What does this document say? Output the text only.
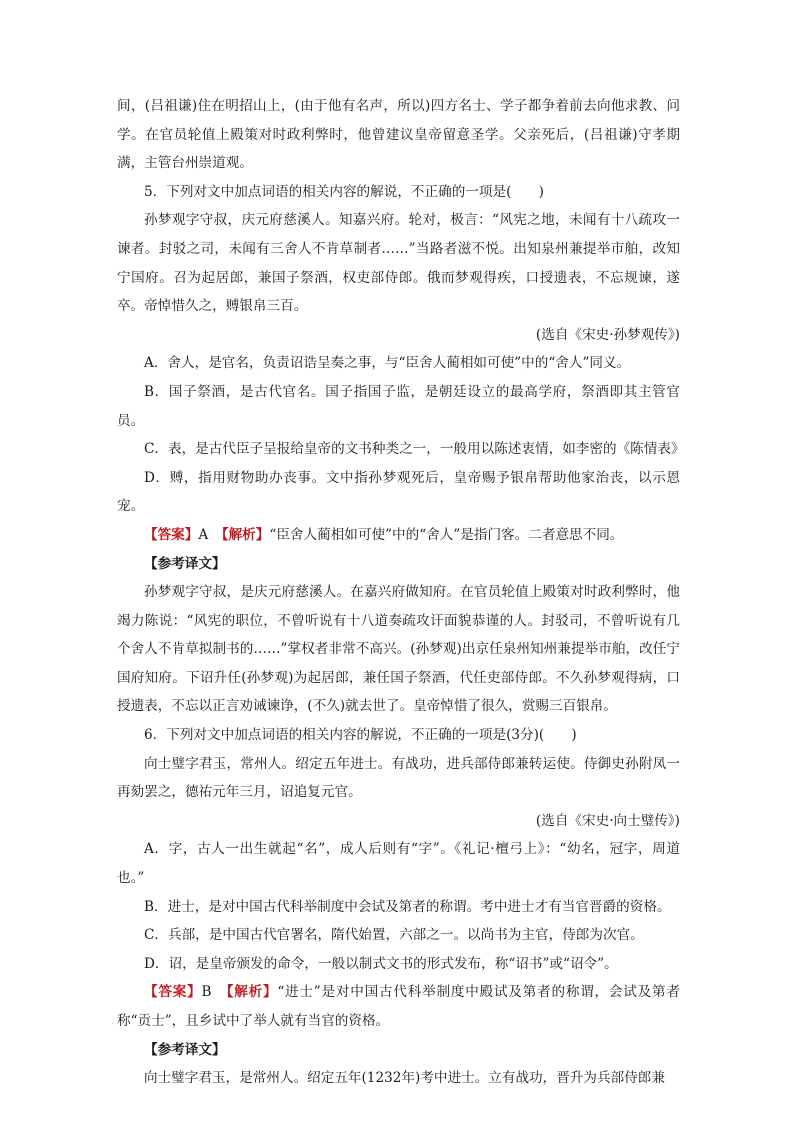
间，(吕祖谦)住在明招山上，(由于他有名声，所以)四方名士、学子都争着前去向他求教、问学。在官员轮值上殿策对时政利弊时，他曾建议皇帝留意圣学。父亲死后，(吕祖谦)守孝期满，主管台州崇道观。

5．下列对文中加点词语的相关内容的解说，不正确的一项是(　　)

孙梦观字守叔，庆元府慈溪人。知嘉兴府。轮对，极言：“风宪之地，未闻有十八疏攻一谏者。封驳之司，未闻有三舍人不肯草制者……”当路者滋不悦。出知泉州兼提举市舶，改知宁国府。召为起居郎，兼国子祭酒，权吏部侍郎。俄而梦观得疾，口授遗表，不忘规谏，遂卒。帝悼惜久之，赙银帛三百。

(选自《宋史·孙梦观传》)

A．舍人，是官名，负责诏诰呈奏之事，与“臣舍人蔺相如可使”中的“舍人”同义。

B．国子祭酒，是古代官名。国子指国子监，是朝廷设立的最高学府，祭酒即其主管官员。

C．表，是古代臣子呈报给皇帝的文书种类之一，一般用以陈述衷情，如李密的《陈情表》

D．赙，指用财物助办丧事。文中指孙梦观死后，皇帝赐予银帛帮助他家治丧，以示恩宠。

【答案】A　 【解析】“臣舍人蔺相如可使”中的“舍人”是指门客。二者意思不同。

【参考译文】

孙梦观字守叔，是庆元府慈溪人。在嘉兴府做知府。在官员轮值上殿策对时政利弊时，他竭力陈说：“风宪的职位，不曾听说有十八道奏疏攻讦面貌恭谨的人。封驳司，不曾听说有几个舍人不肯草拟制书的……”掌权者非常不高兴。(孙梦观)出京任泉州知州兼提举市舶，改任宁国府知府。下诏升任(孙梦观)为起居郎，兼任国子祭酒，代任吏部侍郎。不久孙梦观得病，口授遗表，不忘以正言劝诫谏诤，(不久)就去世了。皇帝悼惜了很久，赏赐三百银帛。

6．下列对文中加点词语的相关内容的解说，不正确的一项是(3分)(　　)

向士璧字君玉，常州人。绍定五年进士。有战功，进兵部侍郎兼转运使。侍御史孙附凤一再劾罢之，德祐元年三月，诏追复元官。

(选自《宋史·向士璧传》)

A．字，古人一出生就起“名”，成人后则有“字”。《礼记·檀弓上》：“幼名，冠字，周道也。”

B．进士，是对中国古代科举制度中会试及第者的称谓。考中进士才有当官晋爵的资格。

C．兵部，是中国古代官署名，隋代始置，六部之一。以尚书为主官，侍郎为次官。

D．诏，是皇帝颁发的命令，一般以制式文书的形式发布，称“诏书”或“诏令”。

【答案】B　 【解析】“进士”是对中国古代科举制度中殿试及第者的称谓，会试及第者称“贡士”，且乡试中了举人就有当官的资格。

【参考译文】

向士璧字君玉，是常州人。绍定五年(1232年)考中进士。立有战功，晋升为兵部侍郎兼
